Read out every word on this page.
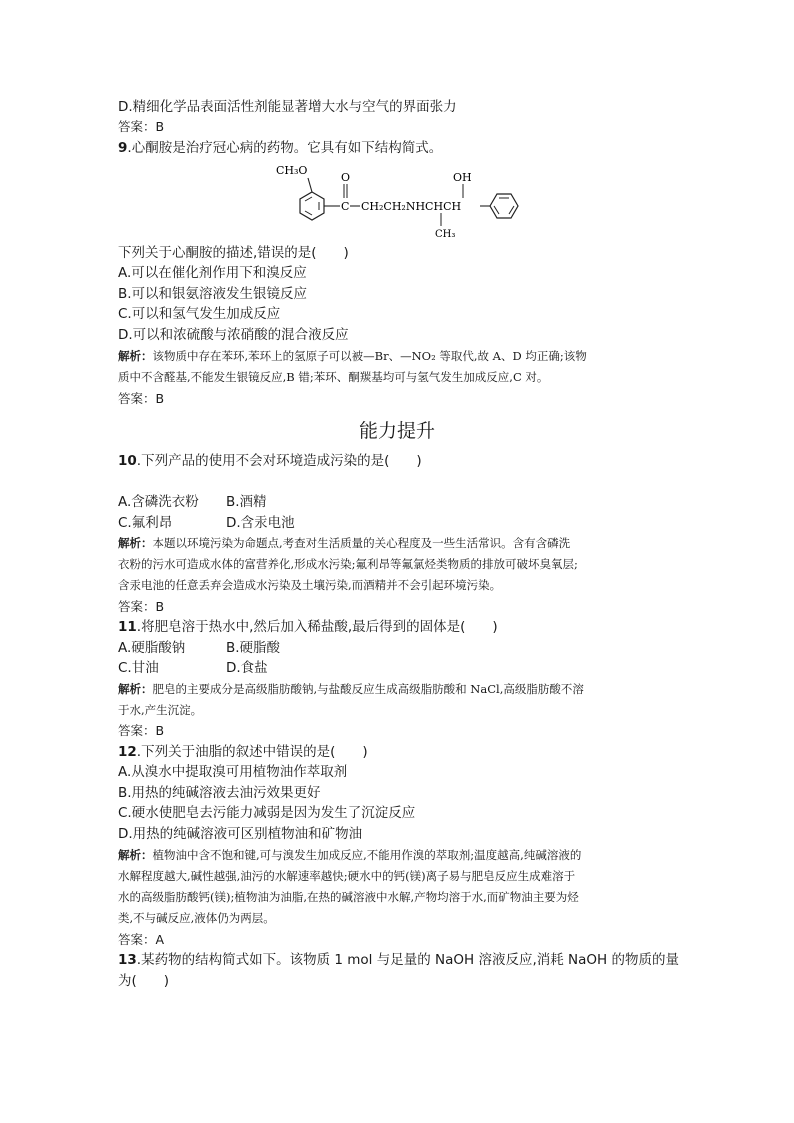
D.精细化学品表面活性剂能显著增大水与空气的界面张力
答案：B
9.心酮胺是治疗冠心病的药物。它具有如下结构简式。
CH₃O
C
O
CH₂CH₂NHCHCH
OH
CH₃
下列关于心酮胺的描述,错误的是(　　)
A.可以在催化剂作用下和溴反应
B.可以和银氨溶液发生银镜反应
C.可以和氢气发生加成反应
D.可以和浓硫酸与浓硝酸的混合液反应
解析：该物质中存在苯环,苯环上的氢原子可以被—Br、—NO₂ 等取代,故 A、D 均正确;该物
质中不含醛基,不能发生银镜反应,B 错;苯环、酮羰基均可与氢气发生加成反应,C 对。
答案：B
能力提升
10.下列产品的使用不会对环境造成污染的是(　　)
A.含磷洗衣粉 B.酒精
C.氟利昂	D.含汞电池
解析：本题以环境污染为命题点,考查对生活质量的关心程度及一些生活常识。含有含磷洗
衣粉的污水可造成水体的富营养化,形成水污染;氟利昂等氟氯烃类物质的排放可破坏臭氧层;
含汞电池的任意丢弃会造成水污染及土壤污染,而酒精并不会引起环境污染。
答案：B
11.将肥皂溶于热水中,然后加入稀盐酸,最后得到的固体是(　　)
A.硬脂酸钠	B.硬脂酸
C.甘油	D.食盐
解析：肥皂的主要成分是高级脂肪酸钠,与盐酸反应生成高级脂肪酸和 NaCl,高级脂肪酸不溶
于水,产生沉淀。
答案：B
12.下列关于油脂的叙述中错误的是(　　)
A.从溴水中提取溴可用植物油作萃取剂
B.用热的纯碱溶液去油污效果更好
C.硬水使肥皂去污能力减弱是因为发生了沉淀反应
D.用热的纯碱溶液可区别植物油和矿物油
解析：植物油中含不饱和键,可与溴发生加成反应,不能用作溴的萃取剂;温度越高,纯碱溶液的
水解程度越大,碱性越强,油污的水解速率越快;硬水中的钙(镁)离子易与肥皂反应生成难溶于
水的高级脂肪酸钙(镁);植物油为油脂,在热的碱溶液中水解,产物均溶于水,而矿物油主要为烃
类,不与碱反应,液体仍为两层。
答案：A
13.某药物的结构简式如下。该物质 1 mol 与足量的 NaOH 溶液反应,消耗 NaOH 的物质的量
为(　　)
